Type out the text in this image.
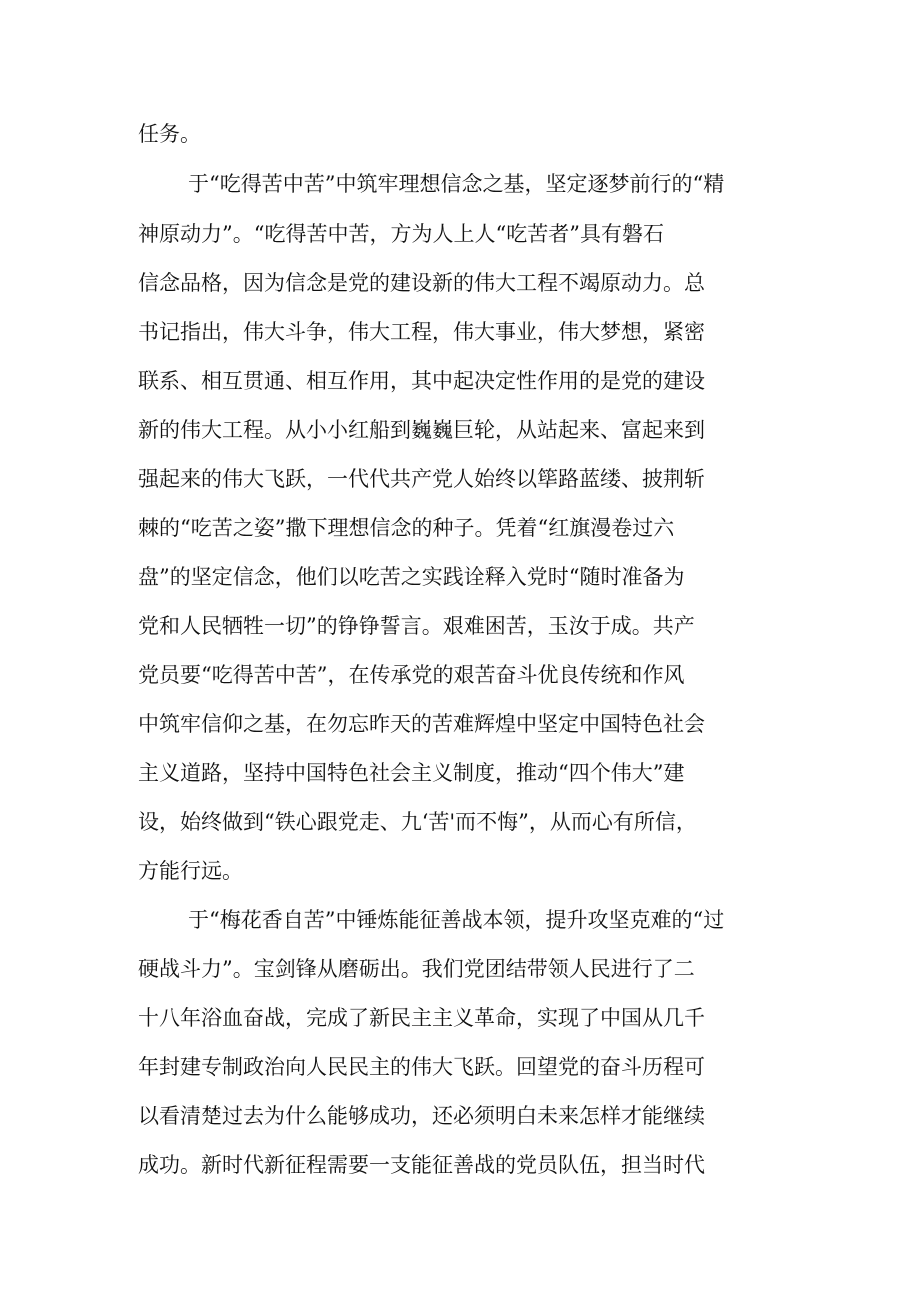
任务。

于“吃得苦中苦”中筑牢理想信念之基，坚定逐梦前行的“精

神原动力”。“吃得苦中苦，方为人上人“吃苦者”具有磐石

信念品格，因为信念是党的建设新的伟大工程不竭原动力。总

书记指出，伟大斗争，伟大工程，伟大事业，伟大梦想，紧密

联系、相互贯通、相互作用，其中起决定性作用的是党的建设

新的伟大工程。从小小红船到巍巍巨轮，从站起来、富起来到

强起来的伟大飞跃，一代代共产党人始终以筚路蓝缕、披荆斩

棘的“吃苦之姿”撒下理想信念的种子。凭着“红旗漫卷过六

盘”的坚定信念，他们以吃苦之实践诠释入党时“随时准备为

党和人民牺牲一切”的铮铮誓言。艰难困苦，玉汝于成。共产

党员要“吃得苦中苦”，在传承党的艰苦奋斗优良传统和作风

中筑牢信仰之基，在勿忘昨天的苦难辉煌中坚定中国特色社会

主义道路，坚持中国特色社会主义制度，推动“四个伟大”建

设，始终做到“铁心跟党走、九‘苦'而不悔”，从而心有所信，

方能行远。

于“梅花香自苦”中锤炼能征善战本领，提升攻坚克难的“过

硬战斗力”。宝剑锋从磨砺出。我们党团结带领人民进行了二

十八年浴血奋战，完成了新民主主义革命，实现了中国从几千

年封建专制政治向人民民主的伟大飞跃。回望党的奋斗历程可

以看清楚过去为什么能够成功，还必须明白未来怎样才能继续

成功。新时代新征程需要一支能征善战的党员队伍，担当时代
